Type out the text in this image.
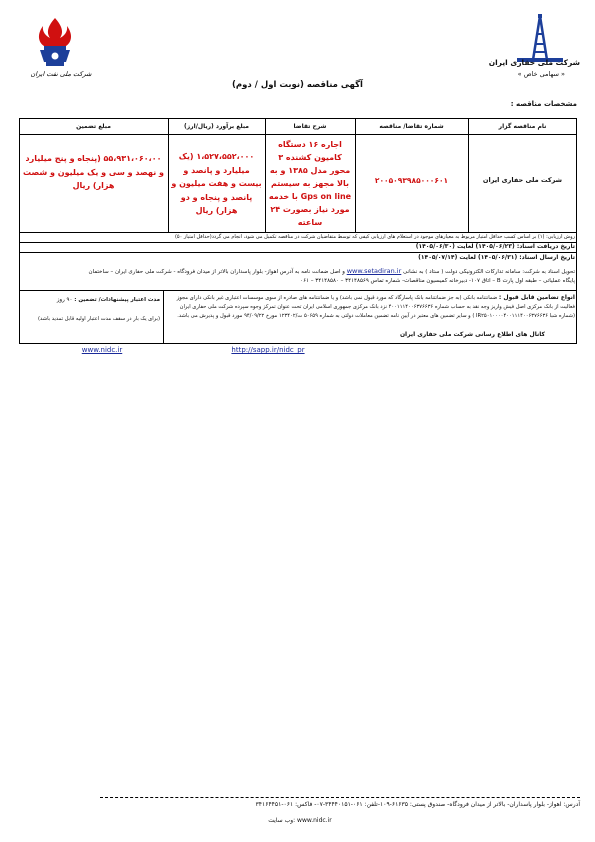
شرکت ملی نفت ایران
شرکت ملی حفاری ایران
« سهامی خاص »
آگهی مناقصه (نوبت اول / دوم)
مشخصات مناقصه :
نام مناقصه گزار
شماره تقاضا/ مناقصه
شرح تقاضا
مبلغ برآورد (ریال/ارز)
مبلغ تضمین
شرکت ملی حفاری ایران
۲۰۰۵۰۹۳۹۸۵۰۰۰۶۰۱
اجاره ۱۶ دستگاه کامیون کشنده ۳ محور مدل ۱۳۸۵ و به بالا مجهز به سیستم Gps on line با خدمه مورد نیاز بصورت ۲۴ ساعته
۱،۵۲۷،۵۵۲،۰۰۰ (یک میلیارد و پانصد و بیست و هفت میلیون و پانصد و پنجاه و دو هزار) ریال
۵۵،۹۳۱،۰۶۰،۰۰ (پنجاه و پنج میلیارد و نهصد و سی و یک میلیون و شصت هزار) ریال
روش ارزیابی: (۱) بر اساس کسب حداقل امتیاز مربوط به معیارهای موجود در استعلام های ارزیابی کیفی که توسط متقاضیان شرکت در مناقصه تکمیل می شود، انجام می گردد(حداقل امتیاز ۵۰)
تاریخ دریافت اسناد: (۱۴۰۵/۰۶/۲۳) لغایت (۱۴۰۵/۰۶/۳۰)
تاریخ ارسال اسناد: (۱۴۰۵/۰۶/۳۱) لغایت (۱۴۰۵/۰۷/۱۴)
تحویل اسناد به شرکت: سامانه تدارکات الکترونیکی دولت ( ستاد ) به نشانی www.setadiran.ir و اصل ضمانت نامه به آدرس اهواز- بلوار پاسداران بالاتر از میدان فرودگاه - شرکت ملی حفاری ایران – ساختمان
پایگاه عملیاتی – طبقه اول پارت B – اتاق ۱۰۷- دبیرخانه کمیسیون مناقصات- شماره تماس ۳۴۱۴۸۵۶۹ – ۳۴۱۴۸۵۸۰ – ۰۶۱
انواع تضامین قابل قبول : ضمانتنامه بانکی (به جز ضمانتنامه بانک پاسارگاد که مورد قبول نمی باشد) و یا ضمانتنامه های صادره از سوی موسسات اعتباری غیر بانکی دارای مجوز فعالیت از بانک مرکزی اصل فیش واریز وجه نقد به حساب شماره ۴۰۰۱۱۱۴۰۰۶۳۷۶۶۳۶ نزد بانک مرکزی جمهوری اسلامی ایران تحت عنوان تمرکز وجوه سپرده شرکت ملی حفاری ایران (شماره شبا IR۲۵۰۱۰۰۰۰۴۰۰۱۱۱۴۰۰۶۳۷۶۶۳۶ ) و سایر تضمین های معتبر در آیین نامه تضمین معاملات دولتی به شماره ۵۰۶۵۹ ت/۱۲۳۴۰۲ مورخ ۹۴/۰۹/۲۲ مورد قبول و پذیرش می باشد.
مدت اعتبار پیشنهادات/ تضمین : ۹۰ روز
(برای یک بار در سقف مدت اعتبار اولیه قابل تمدید باشد)
کانال های اطلاع رسانی شرکت ملی حفاری ایران
http://sapp.ir/nidc_pr
www.nidc.ir
آدرس: اهواز- بلوار پاسداران- بالاتر از میدان فرودگاه- صندوق پستی: ۶۱۶۳۵-۱۰۹-تلفن: ۰۶۱-۳۴۴۴۰۱۵۱-۰۷- فاکس: ۰۶۱-۳۴۱۶۴۴۵۱
وب سایت: www.nidc.ir
